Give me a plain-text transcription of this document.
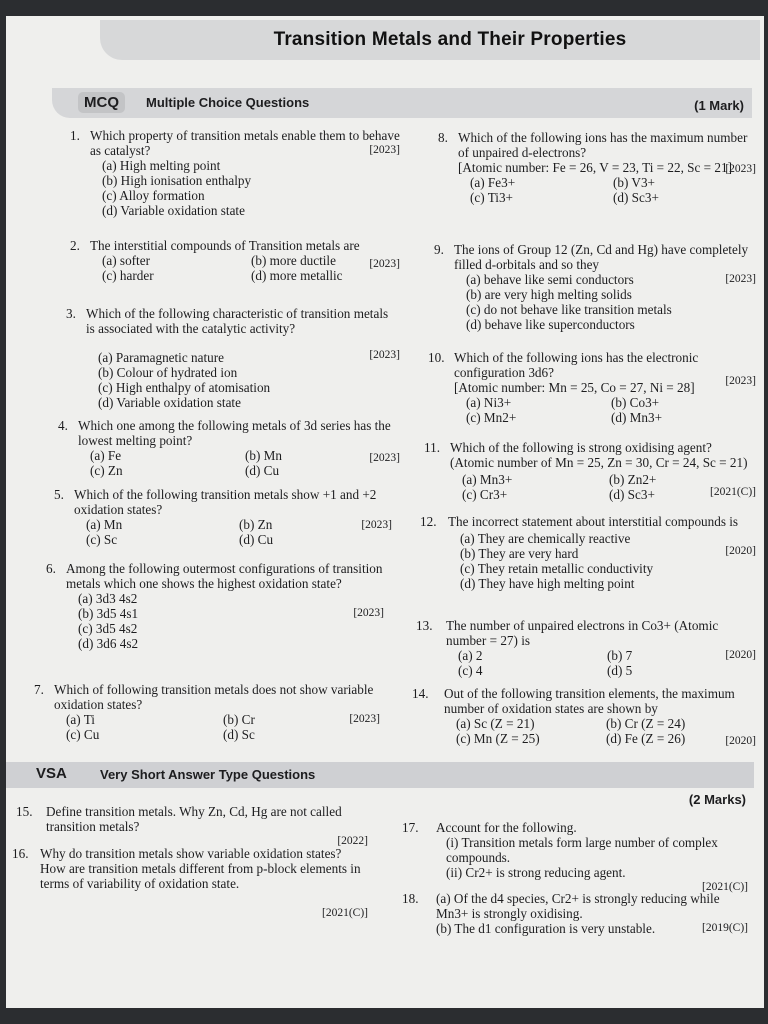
Transition Metals and Their Properties
MCQ	Multiple Choice Questions	(1 Mark)
1. Which property of transition metals enable them to behave as catalyst?	[2023]
(a) High melting point
(b) High ionisation enthalpy
(c) Alloy formation
(d) Variable oxidation state
2. The interstitial compounds of Transition metals are
[2023]
(a) softer	(b) more ductile
(c) harder	(d) more metallic
3. Which of the following characteristic of transition metals is associated with the catalytic activity?
[2023]
(a) Paramagnetic nature
(b) Colour of hydrated ion
(c) High enthalpy of atomisation
(d) Variable oxidation state
4. Which one among the following metals of 3d series has the lowest melting point?
[2023]
(a) Fe	(b) Mn
(c) Zn	(d) Cu
5. Which of the following transition metals show +1 and +2 oxidation states?
[2023]
(a) Mn	(b) Zn
(c) Sc	(d) Cu
6. Among the following outermost configurations of transition metals which one shows the highest oxidation state?
[2023]
(a) 3d3 4s2
(b) 3d5 4s1
(c) 3d5 4s2
(d) 3d6 4s2
7. Which of following transition metals does not show variable oxidation states?
[2023]
(a) Ti	(b) Cr
(c) Cu	(d) Sc
8. Which of the following ions has the maximum number of unpaired d-electrons?
[Atomic number: Fe = 26, V = 23, Ti = 22, Sc = 21]
[2023]
(a) Fe3+	(b) V3+
(c) Ti3+	(d) Sc3+
9. The ions of Group 12 (Zn, Cd and Hg) have completely filled d-orbitals and so they
[2023]
(a) behave like semi conductors
(b) are very high melting solids
(c) do not behave like transition metals
(d) behave like superconductors
10. Which of the following ions has the electronic configuration 3d6?
[Atomic number: Mn = 25, Co = 27, Ni = 28]	[2023]
(a) Ni3+	(b) Co3+
(c) Mn2+	(d) Mn3+
11. Which of the following is strong oxidising agent?
(Atomic number of Mn = 25, Zn = 30, Cr = 24, Sc = 21)
[2021(C)]
(a) Mn3+	(b) Zn2+
(c) Cr3+	(d) Sc3+
12. The incorrect statement about interstitial compounds is
[2020]
(a) They are chemically reactive
(b) They are very hard
(c) They retain metallic conductivity
(d) They have high melting point
13. The number of unpaired electrons in Co3+ (Atomic number = 27) is
[2020]
(a) 2	(b) 7
(c) 4	(d) 5
14. Out of the following transition elements, the maximum number of oxidation states are shown by
[2020]
(a) Sc (Z = 21)	(b) Cr (Z = 24)
(c) Mn (Z = 25)	(d) Fe (Z = 26)
VSA	Very Short Answer Type Questions
(2 Marks)
15. Define transition metals. Why Zn, Cd, Hg are not called transition metals?
[2022]
16. Why do transition metals show variable oxidation states? How are transition metals different from p-block elements in terms of variability of oxidation state.
[2021(C)]
17. Account for the following.
(i) Transition metals form large number of complex compounds.
(ii) Cr2+ is strong reducing agent.
[2021(C)]
18. (a) Of the d4 species, Cr2+ is strongly reducing while Mn3+ is strongly oxidising.
(b) The d1 configuration is very unstable.	[2019(C)]
